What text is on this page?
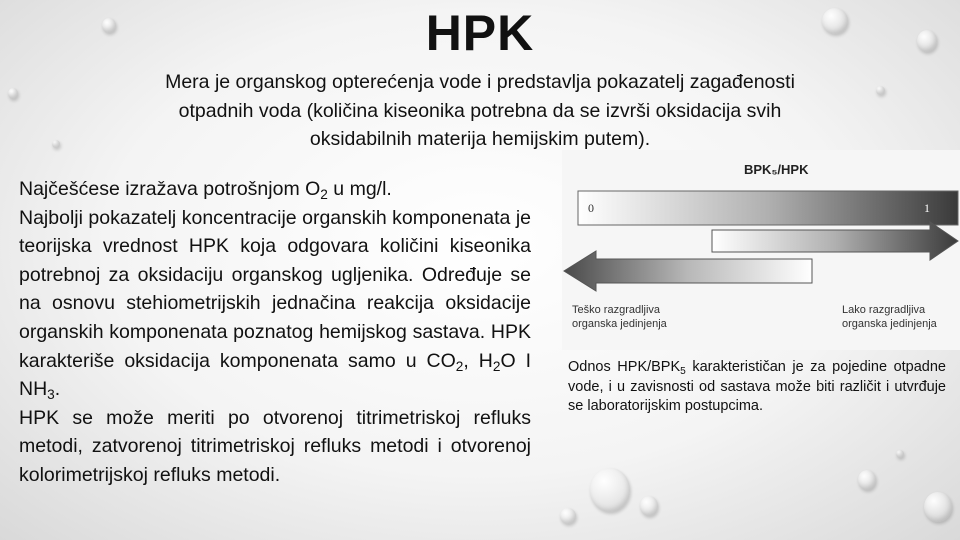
HPK

Mera je organskog opterećenja vode i predstavlja pokazatelj zagađenosti otpadnih voda (količina kiseonika potrebna da se izvrši oksidacija svih oksidabilnih materija hemijskim putem).

Najčešćese izražava potrošnjom $O_2$ u mg/l.

Najbolji pokazatelj koncentracije organskih komponenata je teorijska vrednost HPK koja odgovara količini kiseonika potrebnoj za oksidaciju organskog ugljenika. Određuje se na osnovu stehiometrijskih jednačina reakcija oksidacije organskih komponenata poznatog hemijskog sastava. HPK karakteriše oksidacija komponenata samo u $CO_2$, $H_2O$ I $NH_3$.

HPK se može meriti po otvorenoj titrimetriskoj refluks metodi, zatvorenoj titrimetriskoj refluks metodi i otvorenoj kolorimetrijskoj refluks metodi.

BPK₅/HPK
0	1
Teško razgradljiva
organska jedinjenja
Lako razgradljiva
organska jedinjenja

Odnos HPK/$BPK_5$ karakterističan je za pojedine otpadne vode, i u zavisnosti od sastava može biti različit i utvrđuje se laboratorijskim postupcima.
